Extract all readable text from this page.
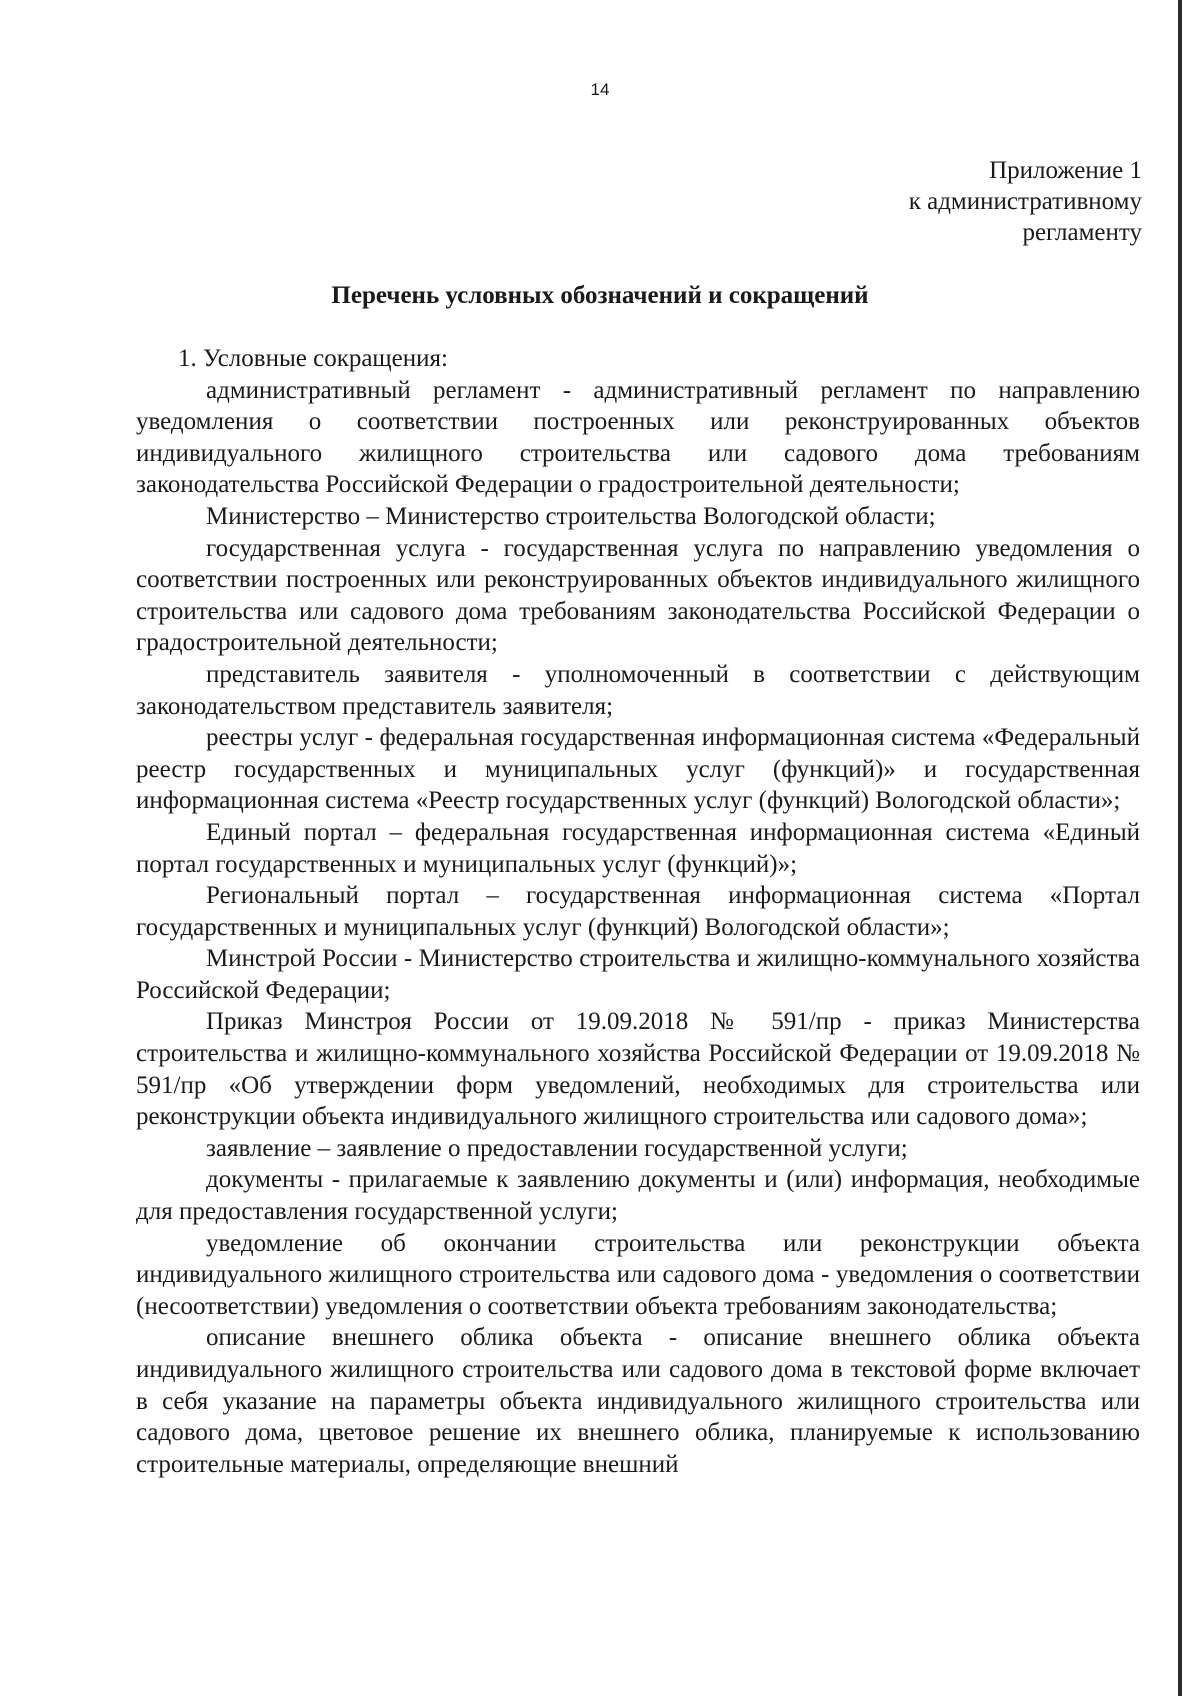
14
Приложение 1
к административному
регламенту
Перечень условных обозначений и сокращений

1. Условные сокращения:

административный регламент - административный регламент по направлению уведомления о соответствии построенных или реконструированных объектов индивидуального жилищного строительства или садового дома требованиям законодательства Российской Федерации о градостроительной деятельности;

Министерство – Министерство строительства Вологодской области;

государственная услуга - государственная услуга по направлению уведомления о соответствии построенных или реконструированных объектов индивидуального жилищного строительства или садового дома требованиям законодательства Российской Федерации о градостроительной деятельности;

представитель заявителя - уполномоченный в соответствии с действующим законодательством представитель заявителя;

реестры услуг - федеральная государственная информационная система «Федеральный реестр государственных и муниципальных услуг (функций)» и государственная информационная система «Реестр государственных услуг (функций) Вологодской области»;

Единый портал – федеральная государственная информационная система «Единый портал государственных и муниципальных услуг (функций)»;

Региональный портал – государственная информационная система «Портал государственных и муниципальных услуг (функций) Вологодской области»;

Минстрой России - Министерство строительства и жилищно-коммунального хозяйства Российской Федерации;

Приказ Минстроя России от 19.09.2018 № 591/пр - приказ Министерства строительства и жилищно-коммунального хозяйства Российской Федерации от 19.09.2018 № 591/пр «Об утверждении форм уведомлений, необходимых для строительства или реконструкции объекта индивидуального жилищного строительства или садового дома»;

заявление – заявление о предоставлении государственной услуги;

документы - прилагаемые к заявлению документы и (или) информация, необходимые для предоставления государственной услуги;

уведомление об окончании строительства или реконструкции объекта индивидуального жилищного строительства или садового дома - уведомления о соответствии (несоответствии) уведомления о соответствии объекта требованиям законодательства;

описание внешнего облика объекта - описание внешнего облика объекта индивидуального жилищного строительства или садового дома в текстовой форме включает в себя указание на параметры объекта индивидуального жилищного строительства или садового дома, цветовое решение их внешнего облика, планируемые к использованию строительные материалы, определяющие внешний
